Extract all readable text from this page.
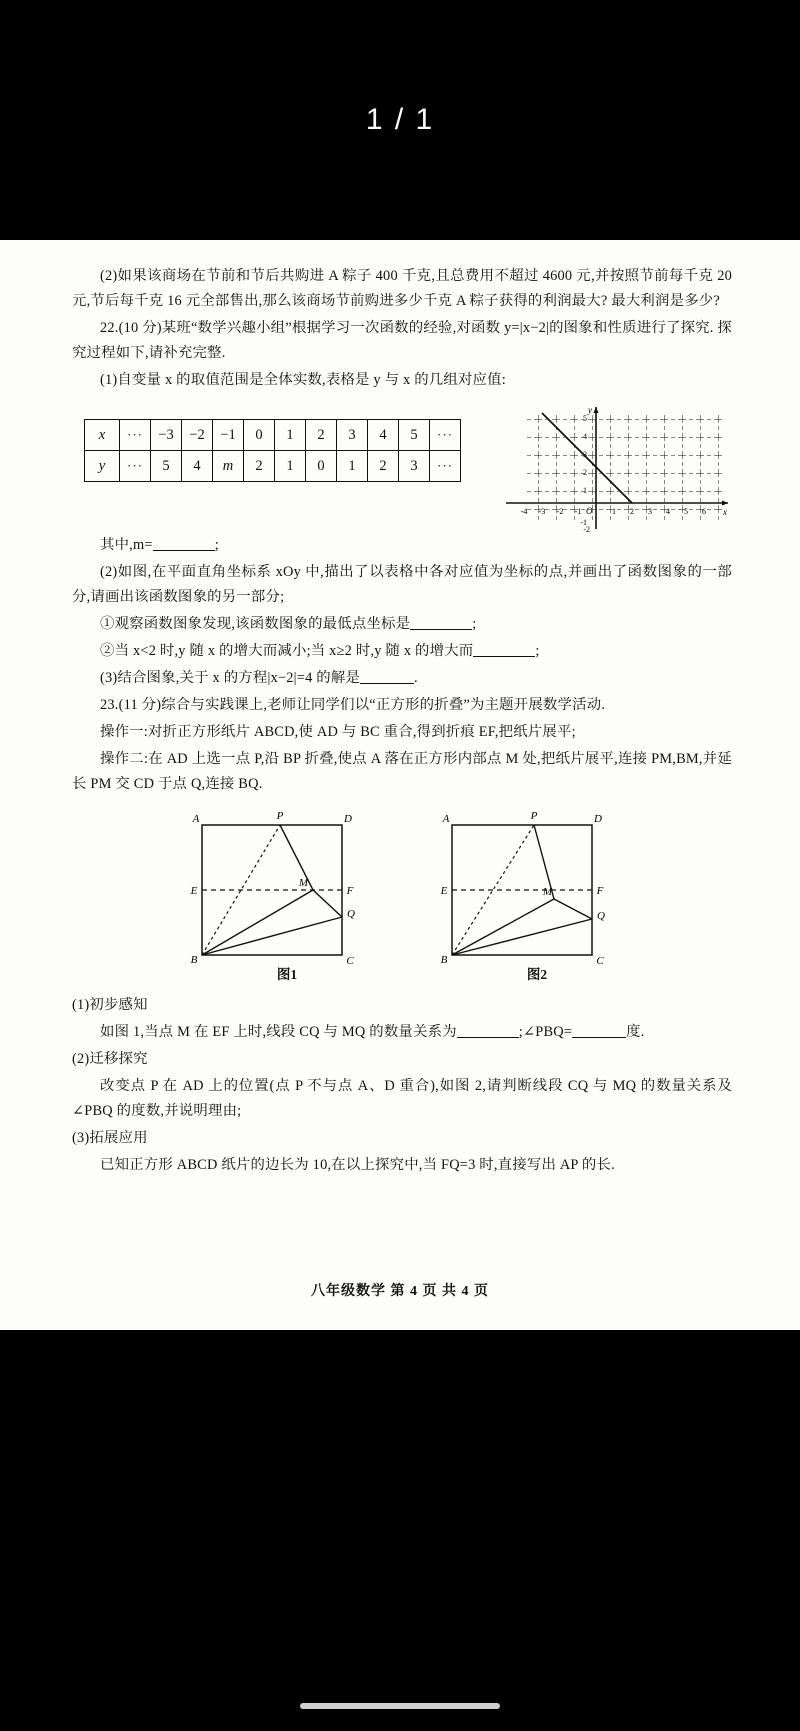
1 / 1

(2)如果该商场在节前和节后共购进 A 粽子 400 千克,且总费用不超过 4600 元,并按照节前每千克 20 元,节后每千克 16 元全部售出,那么该商场节前购进多少千克 A 粽子获得的利润最大? 最大利润是多少?

22.(10 分)某班“数学兴趣小组”根据学习一次函数的经验,对函数 y=|x−2|的图象和性质进行了探究. 探究过程如下,请补充完整.

(1)自变量 x 的取值范围是全体实数,表格是 y 与 x 的几组对应值:

x	···	−3	−2	−1	0	1	2	3	4	5	···
y	···	5	4	m	2	1	0	1	2	3	···
y
x
O
5
4
3
2
1
-1
-4 -3 -2 -1	1 2 3 4 5 6
-2

其中,m=	;

(2)如图,在平面直角坐标系 xOy 中,描出了以表格中各对应值为坐标的点,并画出了函数图象的一部分,请画出该函数图象的另一部分;

①观察函数图象发现,该函数图象的最低点坐标是	;

②当 x<2 时,y 随 x 的增大而减小;当 x≥2 时,y 随 x 的增大而	;

(3)结合图象,关于 x 的方程|x−2|=4 的解是	.

23.(11 分)综合与实践课上,老师让同学们以“正方形的折叠”为主题开展数学活动.

操作一:对折正方形纸片 ABCD,使 AD 与 BC 重合,得到折痕 EF,把纸片展平;

操作二:在 AD 上选一点 P,沿 BP 折叠,使点 A 落在正方形内部点 M 处,把纸片展平,连接 PM,BM,并延长 PM 交 CD 于点 Q,连接 BQ.

A	P	D
E
M
F
Q
B	C
图1
A	P	D
E	M	F
Q
B	C
图2

(1)初步感知

如图 1,当点 M 在 EF 上时,线段 CQ 与 MQ 的数量关系为	;∠PBQ=	度.

(2)迁移探究

改变点 P 在 AD 上的位置(点 P 不与点 A、D 重合),如图 2,请判断线段 CQ 与 MQ 的数量关系及∠PBQ 的度数,并说明理由;

(3)拓展应用

已知正方形 ABCD 纸片的边长为 10,在以上探究中,当 FQ=3 时,直接写出 AP 的长.

八年级数学 第 4 页 共 4 页
